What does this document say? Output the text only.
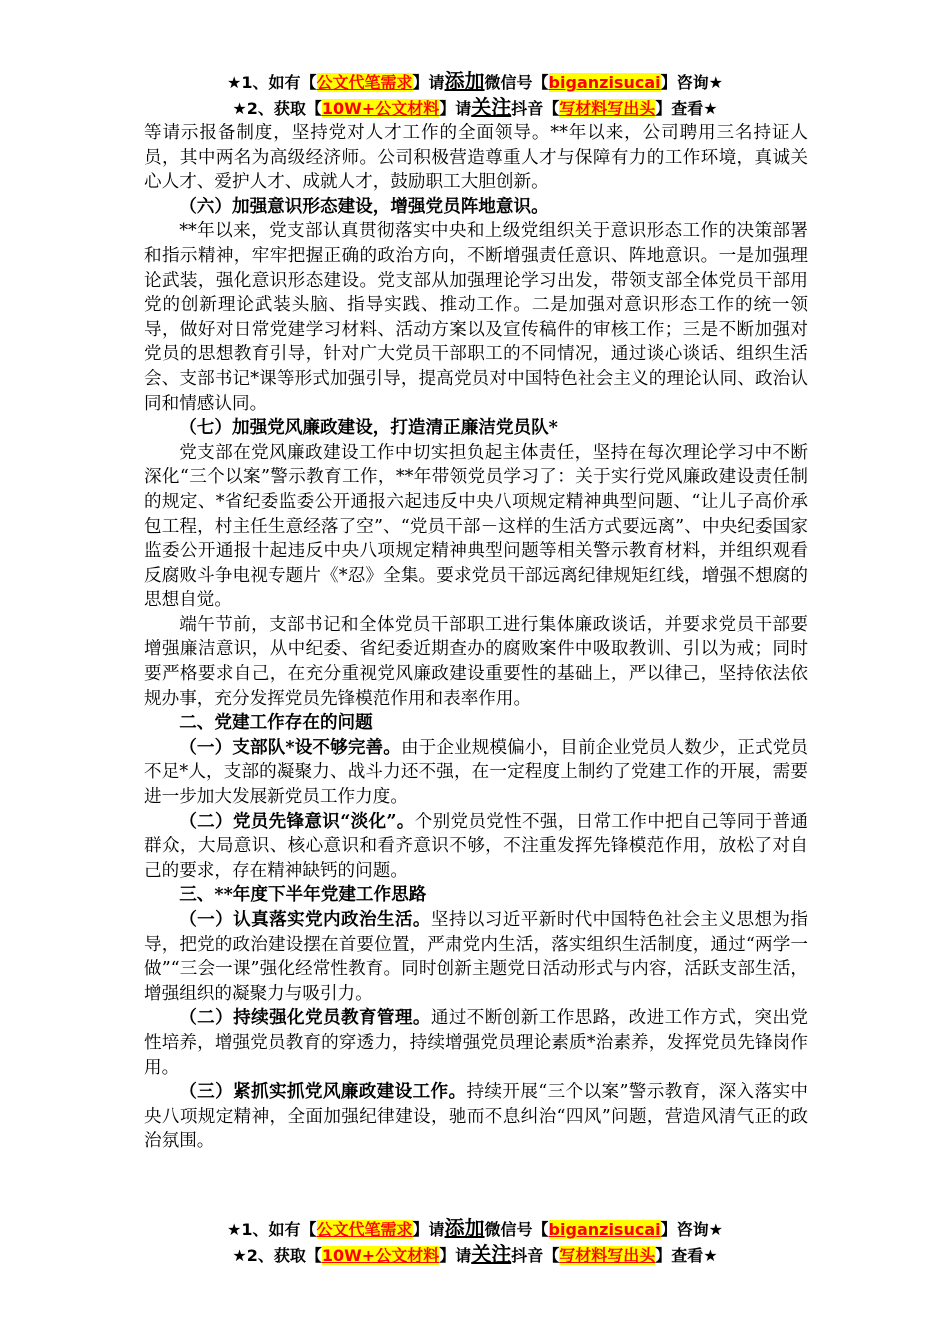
★1、如有【公文代笔需求】请添加微信号【biganzisucai】咨询★
★2、获取【10W+公文材料】请关注抖音【写材料写出头】查看★

等请示报备制度，坚持党对人才工作的全面领导。**年以来，公司聘用三名持证人员，其中两名为高级经济师。公司积极营造尊重人才与保障有力的工作环境，真诚关心人才、爱护人才、成就人才，鼓励职工大胆创新。

（六）加强意识形态建设，增强党员阵地意识。

**年以来，党支部认真贯彻落实中央和上级党组织关于意识形态工作的决策部署和指示精神，牢牢把握正确的政治方向，不断增强责任意识、阵地意识。一是加强理论武装，强化意识形态建设。党支部从加强理论学习出发，带领支部全体党员干部用党的创新理论武装头脑、指导实践、推动工作。二是加强对意识形态工作的统一领导，做好对日常党建学习材料、活动方案以及宣传稿件的审核工作；三是不断加强对党员的思想教育引导，针对广大党员干部职工的不同情况，通过谈心谈话、组织生活会、支部书记*课等形式加强引导，提高党员对中国特色社会主义的理论认同、政治认同和情感认同。

（七）加强党风廉政建设，打造清正廉洁党员队*

党支部在党风廉政建设工作中切实担负起主体责任，坚持在每次理论学习中不断深化“三个以案”警示教育工作，**年带领党员学习了：关于实行党风廉政建设责任制的规定、*省纪委监委公开通报六起违反中央八项规定精神典型问题、“让儿子高价承包工程，村主任生意经落了空”、“党员干部－这样的生活方式要远离”、中央纪委国家监委公开通报十起违反中央八项规定精神典型问题等相关警示教育材料，并组织观看反腐败斗争电视专题片《*忍》全集。要求党员干部远离纪律规矩红线，增强不想腐的思想自觉。

端午节前，支部书记和全体党员干部职工进行集体廉政谈话，并要求党员干部要增强廉洁意识，从中纪委、省纪委近期查办的腐败案件中吸取教训、引以为戒；同时要严格要求自己，在充分重视党风廉政建设重要性的基础上，严以律己，坚持依法依规办事，充分发挥党员先锋模范作用和表率作用。

二、党建工作存在的问题

（一）支部队*设不够完善。由于企业规模偏小，目前企业党员人数少，正式党员不足*人，支部的凝聚力、战斗力还不强，在一定程度上制约了党建工作的开展，需要进一步加大发展新党员工作力度。

（二）党员先锋意识“淡化”。个别党员党性不强，日常工作中把自己等同于普通群众，大局意识、核心意识和看齐意识不够，不注重发挥先锋模范作用，放松了对自己的要求，存在精神缺钙的问题。

三、**年度下半年党建工作思路

（一）认真落实党内政治生活。坚持以习近平新时代中国特色社会主义思想为指导，把党的政治建设摆在首要位置，严肃党内生活，落实组织生活制度，通过“两学一做”“三会一课”强化经常性教育。同时创新主题党日活动形式与内容，活跃支部生活，增强组织的凝聚力与吸引力。

（二）持续强化党员教育管理。通过不断创新工作思路，改进工作方式，突出党性培养，增强党员教育的穿透力，持续增强党员理论素质*治素养，发挥党员先锋岗作用。

（三）紧抓实抓党风廉政建设工作。持续开展“三个以案”警示教育，深入落实中央八项规定精神，全面加强纪律建设，驰而不息纠治“四风”问题，营造风清气正的政治氛围。

★1、如有【公文代笔需求】请添加微信号【biganzisucai】咨询★
★2、获取【10W+公文材料】请关注抖音【写材料写出头】查看★
